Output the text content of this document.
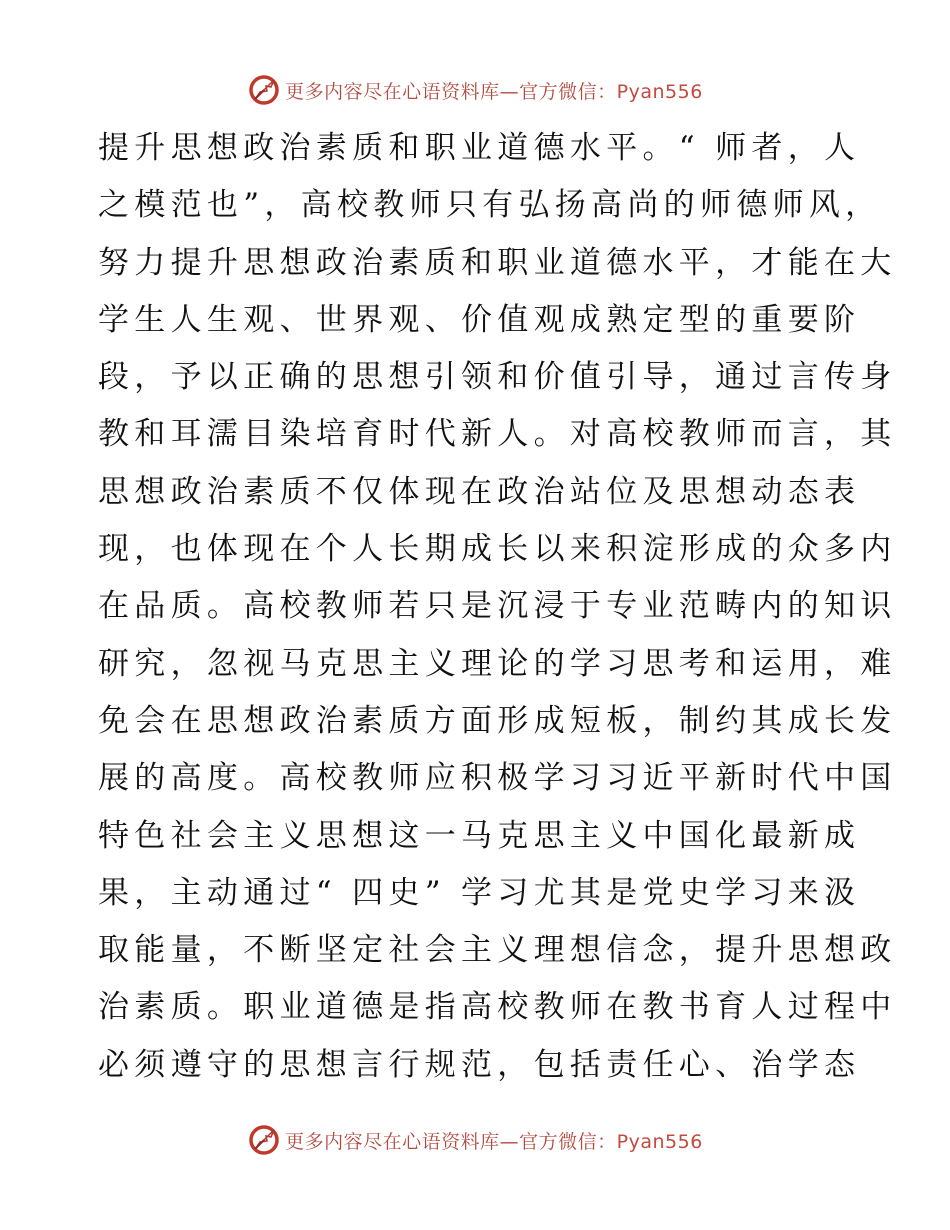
更多内容尽在心语资料库—官方微信：Pyan556
提升思想政治素质和职业道德水平。“ 师者，人
之模范也”，高校教师只有弘扬高尚的师德师风，
努力提升思想政治素质和职业道德水平，才能在大
学生人生观、世界观、价值观成熟定型的重要阶
段，予以正确的思想引领和价值引导，通过言传身
教和耳濡目染培育时代新人。对高校教师而言，其
思想政治素质不仅体现在政治站位及思想动态表
现，也体现在个人长期成长以来积淀形成的众多内
在品质。高校教师若只是沉浸于专业范畴内的知识
研究，忽视马克思主义理论的学习思考和运用，难
免会在思想政治素质方面形成短板，制约其成长发
展的高度。高校教师应积极学习习近平新时代中国
特色社会主义思想这一马克思主义中国化最新成
果，主动通过“ 四史” 学习尤其是党史学习来汲
取能量，不断坚定社会主义理想信念，提升思想政
治素质。职业道德是指高校教师在教书育人过程中
必须遵守的思想言行规范，包括责任心、治学态
更多内容尽在心语资料库—官方微信：Pyan556
